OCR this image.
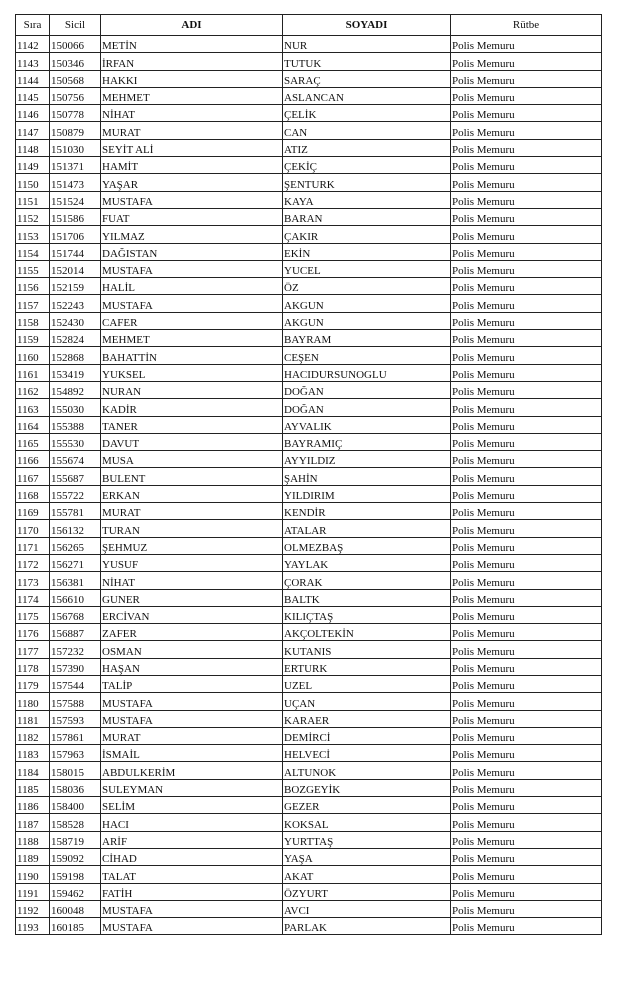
Sıra	Sicil	ADI	SOYADI	Rütbe
1142	150066	METİN	NUR	Polis Memuru
1143	150346	İRFAN	TUTUK	Polis Memuru
1144	150568	HAKKI	SARAÇ	Polis Memuru
1145	150756	MEHMET	ASLANCAN	Polis Memuru
1146	150778	NİHAT	ÇELİK	Polis Memuru
1147	150879	MURAT	CAN	Polis Memuru
1148	151030	SEYİT ALİ	ATIZ	Polis Memuru
1149	151371	HAMİT	ÇEKİÇ	Polis Memuru
1150	151473	YAŞAR	ŞENTURK	Polis Memuru
1151	151524	MUSTAFA	KAYA	Polis Memuru
1152	151586	FUAT	BARAN	Polis Memuru
1153	151706	YILMAZ	ÇAKIR	Polis Memuru
1154	151744	DAĞISTAN	EKİN	Polis Memuru
1155	152014	MUSTAFA	YUCEL	Polis Memuru
1156	152159	HALİL	ÖZ	Polis Memuru
1157	152243	MUSTAFA	AKGUN	Polis Memuru
1158	152430	CAFER	AKGUN	Polis Memuru
1159	152824	MEHMET	BAYRAM	Polis Memuru
1160	152868	BAHATTİN	CEŞEN	Polis Memuru
1161	153419	YUKSEL	HACIDURSUNOGLU	Polis Memuru
1162	154892	NURAN	DOĞAN	Polis Memuru
1163	155030	KADİR	DOĞAN	Polis Memuru
1164	155388	TANER	AYVALIK	Polis Memuru
1165	155530	DAVUT	BAYRAMIÇ	Polis Memuru
1166	155674	MUSA	AYYILDIZ	Polis Memuru
1167	155687	BULENT	ŞAHİN	Polis Memuru
1168	155722	ERKAN	YILDIRIM	Polis Memuru
1169	155781	MURAT	KENDİR	Polis Memuru
1170	156132	TURAN	ATALAR	Polis Memuru
1171	156265	ŞEHMUZ	OLMEZBAŞ	Polis Memuru
1172	156271	YUSUF	YAYLAK	Polis Memuru
1173	156381	NİHAT	ÇORAK	Polis Memuru
1174	156610	GUNER	BALTK	Polis Memuru
1175	156768	ERCİVAN	KILIÇTAŞ	Polis Memuru
1176	156887	ZAFER	AKÇOLTEKİN	Polis Memuru
1177	157232	OSMAN	KUTANIS	Polis Memuru
1178	157390	HAŞAN	ERTURK	Polis Memuru
1179	157544	TALİP	UZEL	Polis Memuru
1180	157588	MUSTAFA	UÇAN	Polis Memuru
1181	157593	MUSTAFA	KARAER	Polis Memuru
1182	157861	MURAT	DEMİRCİ	Polis Memuru
1183	157963	İSMAİL	HELVECİ	Polis Memuru
1184	158015	ABDULKERİM	ALTUNOK	Polis Memuru
1185	158036	SULEYMAN	BOZGEYİK	Polis Memuru
1186	158400	SELİM	GEZER	Polis Memuru
1187	158528	HACI	KOKSAL	Polis Memuru
1188	158719	ARİF	YURTTAŞ	Polis Memuru
1189	159092	CİHAD	YAŞA	Polis Memuru
1190	159198	TALAT	AKAT	Polis Memuru
1191	159462	FATİH	ÖZYURT	Polis Memuru
1192	160048	MUSTAFA	AVCI	Polis Memuru
1193	160185	MUSTAFA	PARLAK	Polis Memuru
